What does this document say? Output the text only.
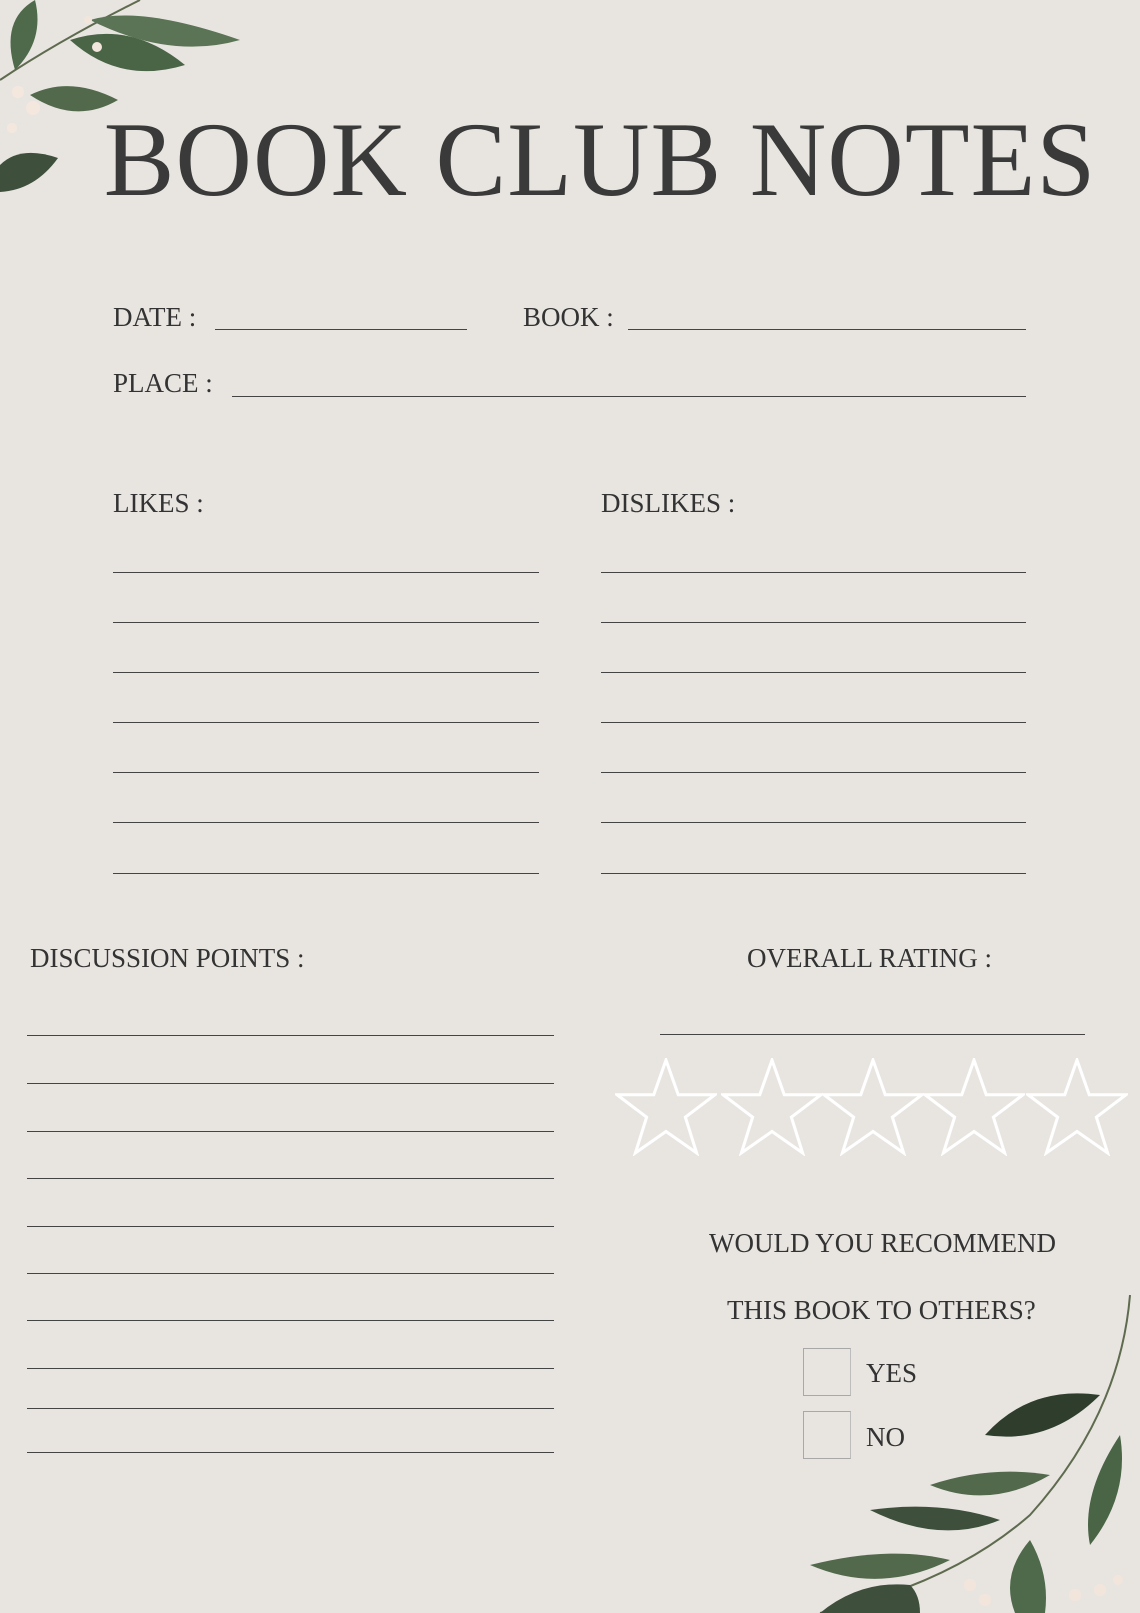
BOOK CLUB NOTES
DATE :	BOOK :
PLACE :
LIKES :	DISLIKES :
DISCUSSION POINTS :	OVERALL RATING :
WOULD YOU RECOMMEND
THIS BOOK TO OTHERS?
YES
NO
